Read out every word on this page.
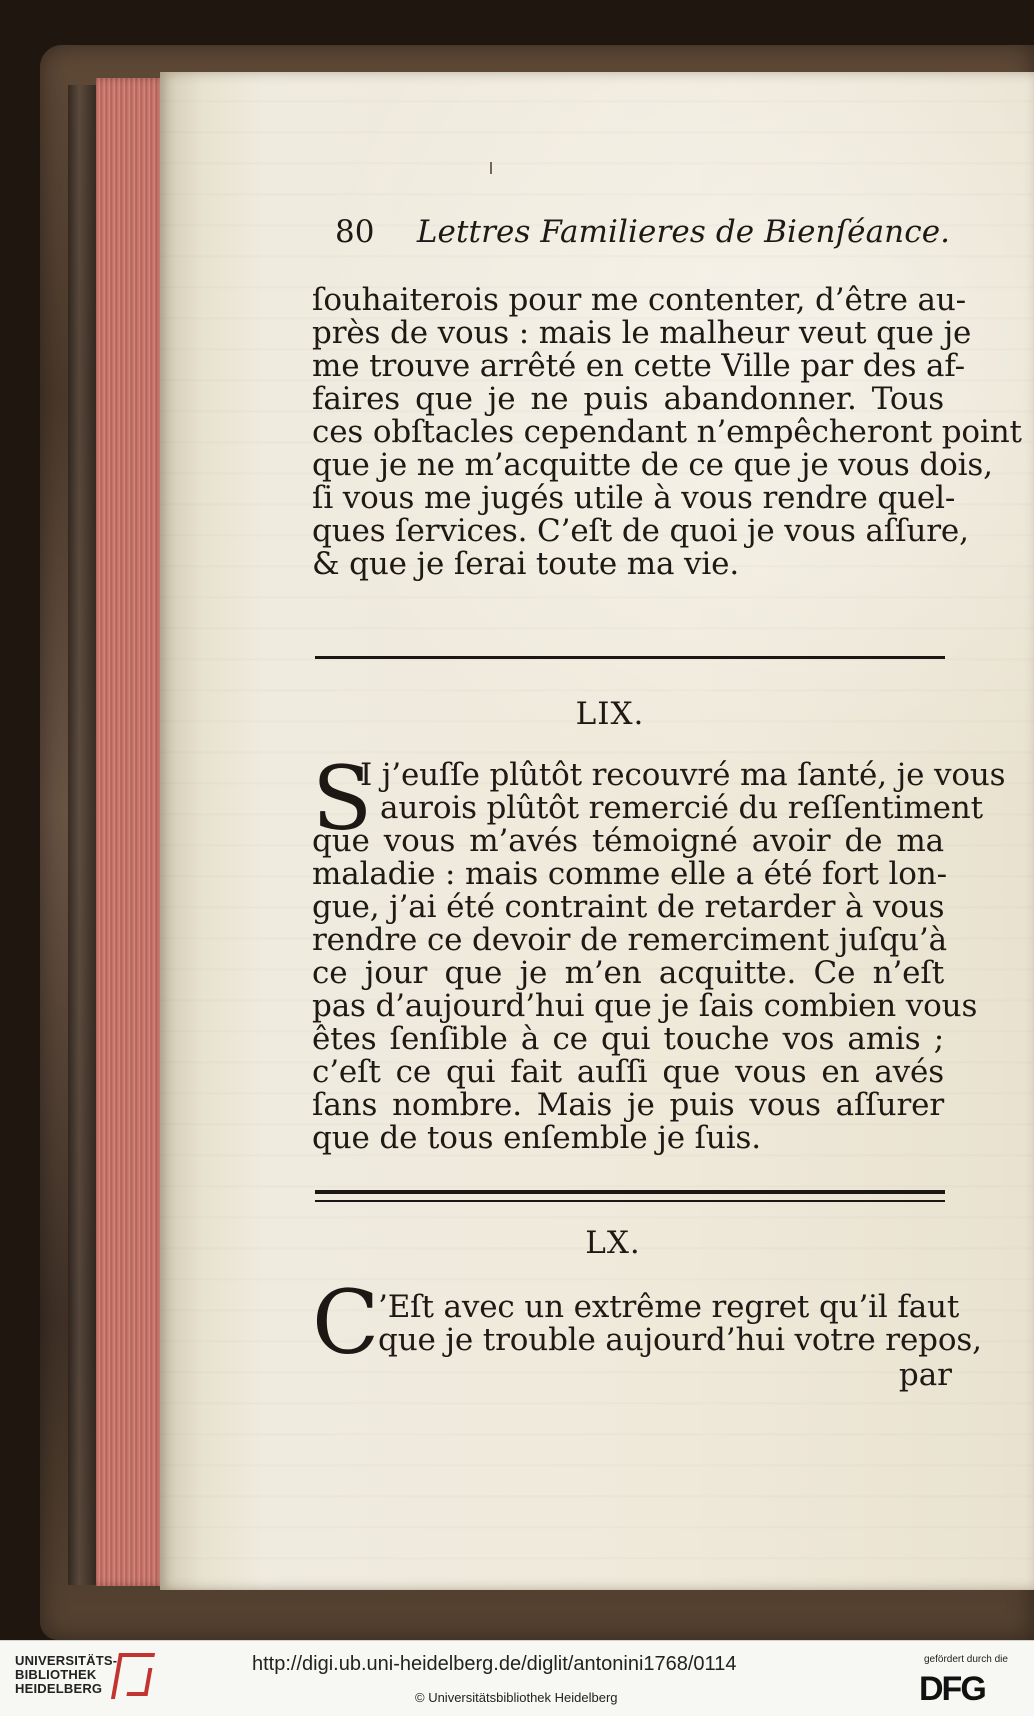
80 Lettres Familieres de Bienſéance.
ſouhaiterois pour me contenter, d’être au-
près de vous : mais le malheur veut que je
me trouve arrêté en cette Ville par des af-
faires que je ne puis abandonner. Tous
ces obſtacles cependant n’empêcheront point
que je ne m’acquitte de ce que je vous dois,
ſi vous me jugés utile à vous rendre quel-
ques ſervices. C’eſt de quoi je vous aſſure,
& que je ſerai toute ma vie.
LIX.
S
I j’euſſe plûtôt recouvré ma ſanté, je vous
aurois plûtôt remercié du reſſentiment
que vous m’avés témoigné avoir de ma
maladie : mais comme elle a été fort lon-
gue, j’ai été contraint de retarder à vous
rendre ce devoir de remerciment juſqu’à
ce jour que je m’en acquitte. Ce n’eſt
pas d’aujourd’hui que je ſais combien vous
êtes ſenſible à ce qui touche vos amis ;
c’eſt ce qui fait auſſi que vous en avés
ſans nombre. Mais je puis vous aſſurer
que de tous enſemble je ſuis.
LX.
C
’Eſt avec un extrême regret qu’il faut
que je trouble aujourd’hui votre repos,
par
UNIVERSITÄTS-
BIBLIOTHEK
HEIDELBERG
http://digi.ub.uni-heidelberg.de/diglit/antonini1768/0114
© Universitätsbibliothek Heidelberg
gefördert durch die
DFG
